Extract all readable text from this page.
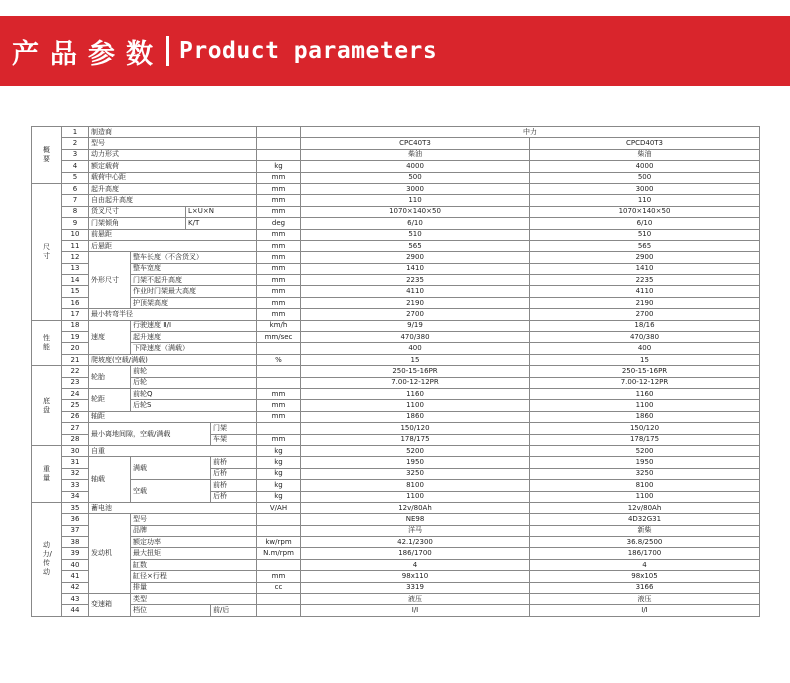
产品参数 Product parameters
概要	1	制造商					中力	
	2	型号					CPC40T3	CPCD40T3
	3	动力形式					柴油	柴油
	4	额定载荷				kg	4000	4000
	5	载荷中心距				mm	500	500
尺寸	6	起升高度				mm	3000	3000
	7	自由起升高度				mm	110	110
	8	货叉尺寸		L×U×N		mm	1070×140×50	1070×140×50
	9	门架倾角		K/T		deg	6/10	6/10
	10	前悬距				mm	510	510
	11	后悬距				mm	565	565
	12	外形尺寸	整车长度（不含货叉）			mm	2900	2900
	13		整车宽度			mm	1410	1410
	14		门架不起升高度			mm	2235	2235
	15		作业时门架最大高度			mm	4110	4110
	16		护顶架高度			mm	2190	2190
	17	最小转弯半径				mm	2700	2700
性能	18	速度	行驶速度 Ⅱ/Ⅰ			km/h	9/19	18/16
	19		起升速度			mm/sec	470/380	470/380
	20		下降速度（满载）				400	400
	21	爬坡度(空载/满载)				%	15	15
底盘	22	轮胎	前轮				250-15-16PR	250-15-16PR
	23		后轮				7.00-12-12PR	7.00-12-12PR
	24	轮距	前轮Q			mm	1160	1160
	25		后轮S			mm	1100	1100
	26	轴距				mm	1860	1860
	27	最小离地间隙，空载/满载			门架		150/120	150/120
	28				车架	mm	178/175	178/175
重量	30	自重				kg	5200	5200
	31	轴载	满载		前桥	kg	1950	1950
	32				后桥	kg	3250	3250
	33		空载		前桥	kg	8100	8100
	34				后桥	kg	1100	1100
动力/传动	35	蓄电池				V/AH	12v/80Ah	12v/80Ah
	36	发动机	型号				NE98	4D32G31
	37		品牌				洋马	新柴
	38		额定功率			kw/rpm	42.1/2300	36.8/2500
	39		最大扭矩			N.m/rpm	186/1700	186/1700
	40		缸数				4	4
	41		缸径×行程			mm	98x110	98x105
	42		排量			cc	3319	3166
	43	变速箱	类型				液压	液压
	44		档位		前/后		I/I	I/I
